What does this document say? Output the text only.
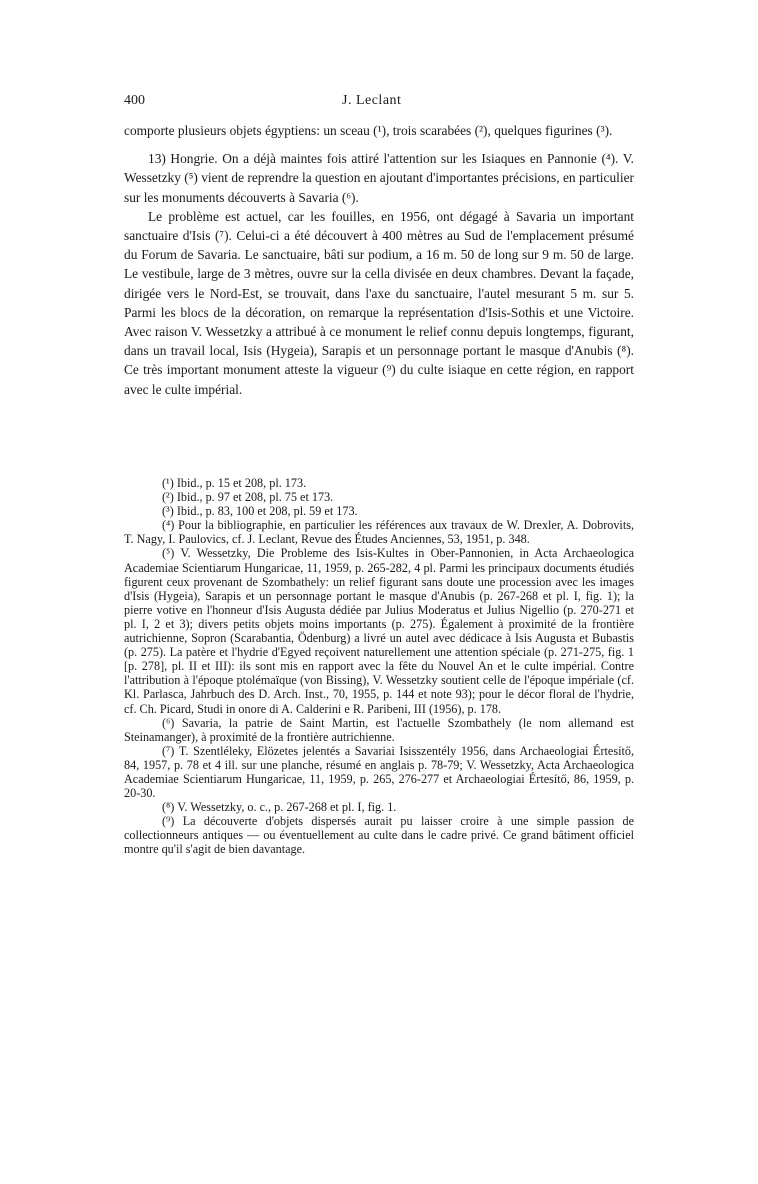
400	J. Leclant

comporte plusieurs objets égyptiens: un sceau (¹), trois scarabées (²), quelques figurines (³).

13) Hongrie. On a déjà maintes fois attiré l'attention sur les Isiaques en Pannonie (⁴). V. Wessetzky (⁵) vient de reprendre la question en ajoutant d'importantes précisions, en particulier sur les monuments découverts à Savaria (⁶).

Le problème est actuel, car les fouilles, en 1956, ont dégagé à Savaria un important sanctuaire d'Isis (⁷). Celui-ci a été découvert à 400 mètres au Sud de l'emplacement présumé du Forum de Savaria. Le sanctuaire, bâti sur podium, a 16 m. 50 de long sur 9 m. 50 de large. Le vestibule, large de 3 mètres, ouvre sur la cella divisée en deux chambres. Devant la façade, dirigée vers le Nord-Est, se trouvait, dans l'axe du sanctuaire, l'autel mesurant 5 m. sur 5. Parmi les blocs de la décoration, on remarque la représentation d'Isis-Sothis et une Victoire. Avec raison V. Wessetzky a attribué à ce monument le relief connu depuis longtemps, figurant, dans un travail local, Isis (Hygeia), Sarapis et un personnage portant le masque d'Anubis (⁸). Ce très important monument atteste la vigueur (⁹) du culte isiaque en cette région, en rapport avec le culte impérial.

(¹) Ibid., p. 15 et 208, pl. 173.

(²) Ibid., p. 97 et 208, pl. 75 et 173.

(³) Ibid., p. 83, 100 et 208, pl. 59 et 173.

(⁴) Pour la bibliographie, en particulier les références aux travaux de W. Drexler, A. Dobrovits, T. Nagy, I. Paulovics, cf. J. Leclant, Revue des Études Anciennes, 53, 1951, p. 348.

(⁵) V. Wessetzky, Die Probleme des Isis-Kultes in Ober-Pannonien, in Acta Archaeologica Academiae Scientiarum Hungaricae, 11, 1959, p. 265-282, 4 pl. Parmi les principaux documents étudiés figurent ceux provenant de Szombathely: un relief figurant sans doute une procession avec les images d'Isis (Hygeia), Sarapis et un personnage portant le masque d'Anubis (p. 267-268 et pl. I, fig. 1); la pierre votive en l'honneur d'Isis Augusta dédiée par Julius Moderatus et Julius Nigellio (p. 270-271 et pl. I, 2 et 3); divers petits objets moins importants (p. 275). Également à proximité de la frontière autrichienne, Sopron (Scarabantia, Ödenburg) a livré un autel avec dédicace à Isis Augusta et Bubastis (p. 275). La patère et l'hydrie d'Egyed reçoivent naturellement une attention spéciale (p. 271-275, fig. 1 [p. 278], pl. II et III): ils sont mis en rapport avec la fête du Nouvel An et le culte impérial. Contre l'attribution à l'époque ptolémaïque (von Bissing), V. Wessetzky soutient celle de l'époque impériale (cf. Kl. Parlasca, Jahrbuch des D. Arch. Inst., 70, 1955, p. 144 et note 93); pour le décor floral de l'hydrie, cf. Ch. Picard, Studi in onore di A. Calderini e R. Paribeni, III (1956), p. 178.

(⁶) Savaria, la patrie de Saint Martin, est l'actuelle Szombathely (le nom allemand est Steinamanger), à proximité de la frontière autrichienne.

(⁷) T. Szentléleky, Elözetes jelentés a Savariai Isisszentély 1956, dans Archaeologiai Értesítő, 84, 1957, p. 78 et 4 ill. sur une planche, résumé en anglais p. 78-79; V. Wessetzky, Acta Archaeologica Academiae Scientiarum Hungaricae, 11, 1959, p. 265, 276-277 et Archaeologiai Értesítő, 86, 1959, p. 20-30.

(⁸) V. Wessetzky, o. c., p. 267-268 et pl. I, fig. 1.

(⁹) La découverte d'objets dispersés aurait pu laisser croire à une simple passion de collectionneurs antiques — ou éventuellement au culte dans le cadre privé. Ce grand bâtiment officiel montre qu'il s'agit de bien davantage.
